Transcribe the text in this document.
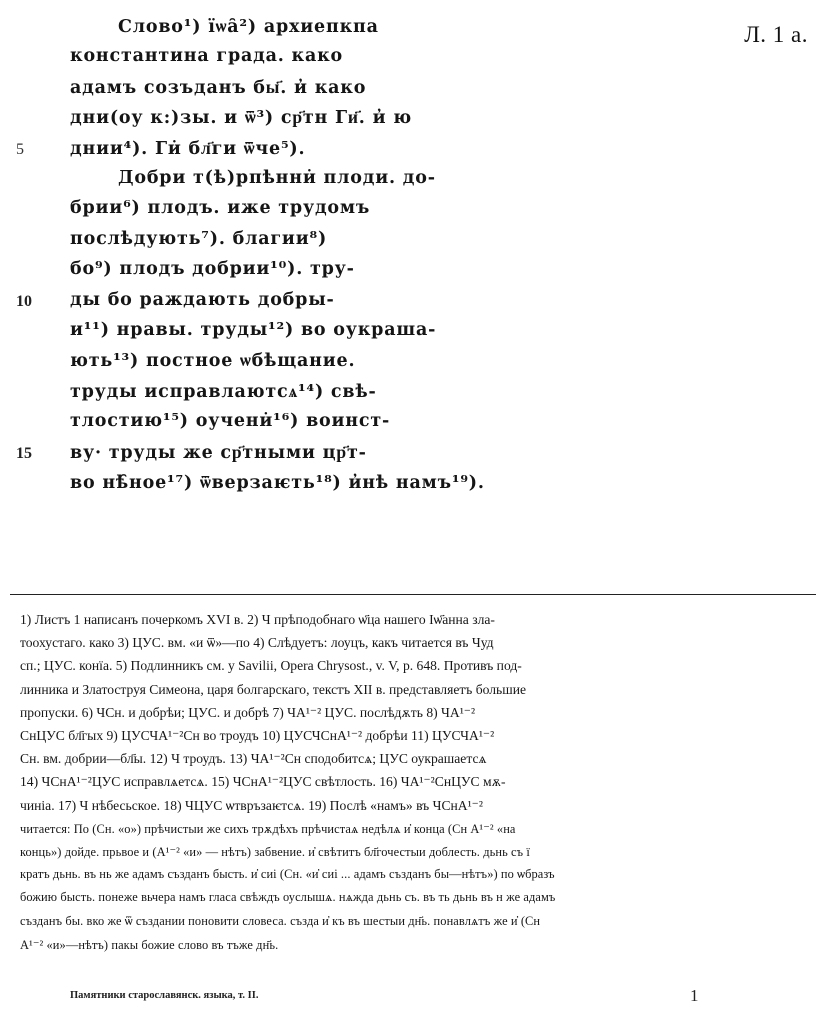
Л. 1 а.
Слово¹) їѡа̑²) архиепкпа
константина града. како
адамъ созъданъ бы҃. и̓ како
дни(оу к:)зы. и ѿ³) ср҃тн Ги҃. и̓ ю
5	днии⁴). Ги̇ бл҃ги ѿче⁵).
Добри т(ѣ)рпѣнни̇ плоди. до-
брии⁶) плодъ. ижe трудомъ
послѣдують⁷). благии⁸)
бо⁹) плодъ добрии¹⁰). тру-
10 ды бо раждають добры-
и¹¹) нравы. труды¹²) во оукраша-
ють¹³) постное ѡбѣщание.
труды исправлаютсѧ¹⁴) свѣ-
тлостию¹⁵) оучени̇¹⁶) воинст-
15 ву· труды же ср҃тными цр҃т-
во нѣ̑ное¹⁷) ѿверзаѥть¹⁸) и̓нѣ намъ¹⁹).
1) Листъ 1 написанъ почеркомъ XVI в. 2) Ч прѣподобнаго ѡ҃ца нашего Іѡ҃анна зла-
тоохустаго. како 3) ЦУС. вм. «и ѿ»—по 4) Слѣдуетъ: лоуцъ, какъ читается въ Чуд
сп.; ЦУС. конїа. 5) Подлинникъ см. у Savilii, Opera Chrysost., v. V, p. 648. Противъ под-
линника и Златоструя Симеона, царя болгарскаго, текстъ XII в. представляетъ большие
пропуски. 6) ЧСн. и добрѣи; ЦУС. и добрѣ 7) ЧА¹⁻² ЦУС. послѣдѫть 8) ЧА¹⁻²
СнЦУС бл҃гых 9) ЦУСЧА¹⁻²Сн во троудъ 10) ЦУСЧСнА¹⁻² добрѣи 11) ЦУСЧА¹⁻²
Сн. вм. добрии—бл҃ы. 12) Ч троудъ. 13) ЧА¹⁻²Сн сподобитсѧ; ЦУС оукрашаетсѧ
14) ЧСнА¹⁻²ЦУС исправлѧетсѧ. 15) ЧСнА¹⁻²ЦУС свѣтлость. 16) ЧА¹⁻²СнЦУС мѫ-
чиніа. 17) Ч нѣбесьское. 18) ЧЦУС ѡтвръзаѥтсѧ. 19) Послѣ «намъ» въ ЧСнА¹⁻²
читается: По (Сн. «о») прѣчистыи же сихъ трѫдѣхъ прѣчистаѧ недѣлѧ и̓ конца (Сн А¹⁻² «на
конць») дойде. прьвое и (А¹⁻² «и» — нѣтъ) забвение. и̓ свѣтитъ бл҃гочестыи доблесть. дьнь съ ї
кратъ дьнь. въ нь же адамъ създанъ бысть. и̓ сиі (Сн. «и̓ сиі ... адамъ създанъ бы—нѣтъ») по ѡбразъ
божию бысть. понеже вьчера намъ гласа свѣждъ оуслышѧ. нѧжда дьнь съ. въ ть дьнь въ н же адамъ
създанъ бы. вко же ѿ създании поновити словеса. създа и̓ къ въ шестыи дн҃ь. понавлѧтъ же и̓ (Сн
А¹⁻² «и»—нѣтъ) пакы божие слово въ тъже дн҃ь.
Памятники старославянск. языка, т. II.	1
